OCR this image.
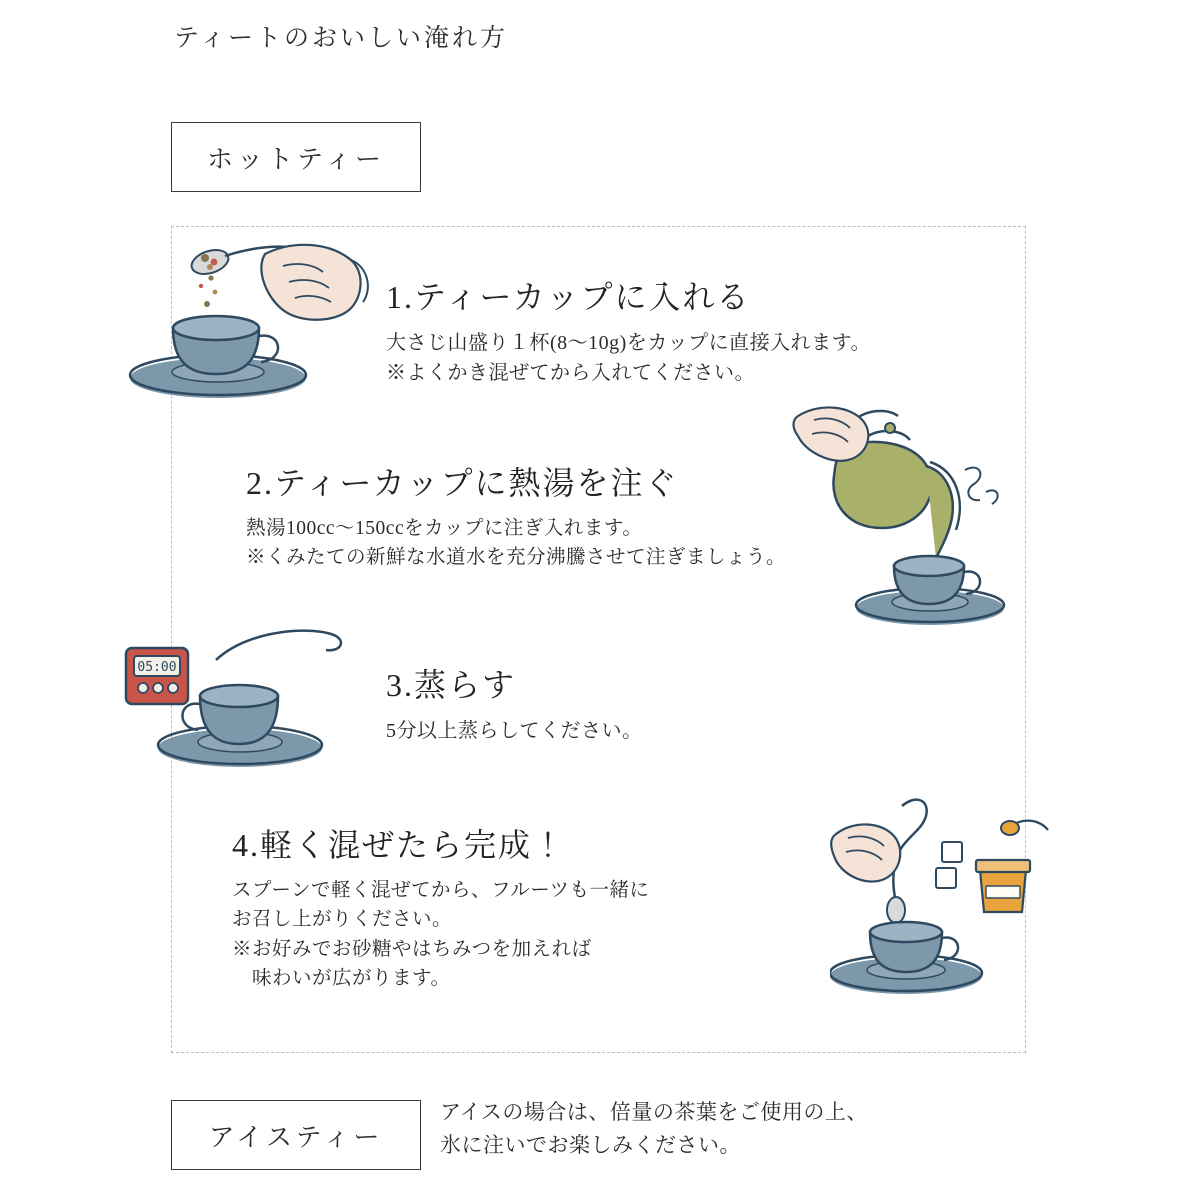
ティートのおいしい淹れ方
ホットティー
1.ティーカップに入れる
大さじ山盛り１杯(8〜10g)をカップに直接入れます。
※よくかき混ぜてから入れてください。
2.ティーカップに熱湯を注ぐ
熱湯100cc〜150ccをカップに注ぎ入れます。
※くみたての新鮮な水道水を充分沸騰させて注ぎましょう。
3.蒸らす
5分以上蒸らしてください。
05:00
4.軽く混ぜたら完成！
スプーンで軽く混ぜてから、フルーツも一緒に
お召し上がりください。
※お好みでお砂糖やはちみつを加えれば
味わいが広がります。
アイスティー
アイスの場合は、倍量の茶葉をご使用の上、
氷に注いでお楽しみください。
